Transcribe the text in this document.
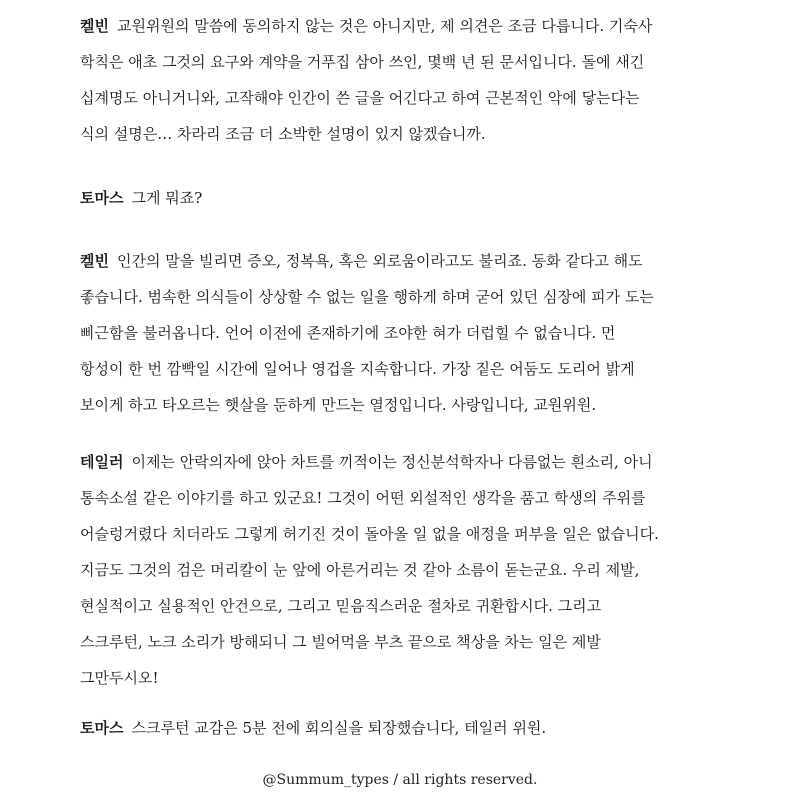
켈빈 교원위원의 말씀에 동의하지 않는 것은 아니지만, 제 의견은 조금 다릅니다. 기숙사
학칙은 애초 그것의 요구와 계약을 거푸집 삼아 쓰인, 몇백 년 된 문서입니다. 돌에 새긴
십계명도 아니거니와, 고작해야 인간이 쓴 글을 어긴다고 하여 근본적인 악에 닿는다는
식의 설명은… 차라리 조금 더 소박한 설명이 있지 않겠습니까.
토마스 그게 뭐죠?
켈빈 인간의 말을 빌리면 증오, 정복욕, 혹은 외로움이라고도 불리죠. 동화 같다고 해도
좋습니다. 범속한 의식들이 상상할 수 없는 일을 행하게 하며 굳어 있던 심장에 피가 도는
삐근함을 불러옵니다. 언어 이전에 존재하기에 조야한 혀가 더럽힐 수 없습니다. 먼
항성이 한 번 깜빡일 시간에 일어나 영겁을 지속합니다. 가장 짙은 어둠도 도리어 밝게
보이게 하고 타오르는 햇살을 둔하게 만드는 열정입니다. 사랑입니다, 교원위원.
테일러 이제는 안락의자에 앉아 차트를 끼적이는 정신분석학자나 다름없는 흰소리, 아니
통속소설 같은 이야기를 하고 있군요! 그것이 어떤 외설적인 생각을 품고 학생의 주위를
어슬렁거렸다 치더라도 그렇게 허기진 것이 돌아올 일 없을 애정을 퍼부을 일은 없습니다.
지금도 그것의 검은 머리칼이 눈 앞에 아른거리는 것 같아 소름이 돋는군요. 우리 제발,
현실적이고 실용적인 안건으로, 그리고 믿음직스러운 절차로 귀환합시다. 그리고
스크루턴, 노크 소리가 방해되니 그 빌어먹을 부츠 끝으로 책상을 차는 일은 제발
그만두시오!
토마스 스크루턴 교감은 5분 전에 회의실을 퇴장했습니다, 테일러 위원.
@Summum_types / all rights reserved.
